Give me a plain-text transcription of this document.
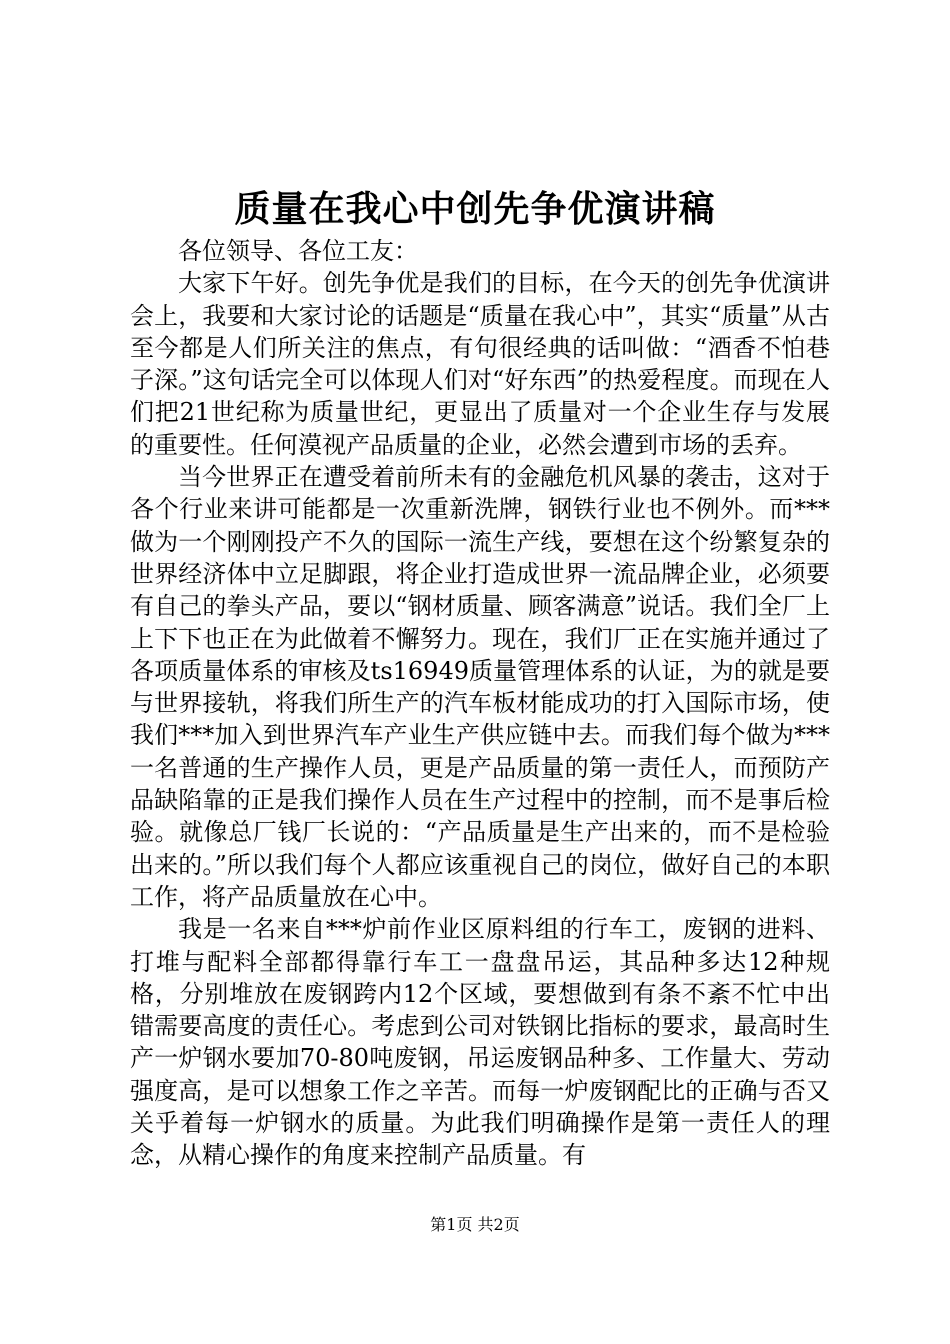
质量在我心中创先争优演讲稿

各位领导、各位工友：

大家下午好。创先争优是我们的目标，在今天的创先争优演讲会上，我要和大家讨论的话题是“质量在我心中”，其实“质量”从古至今都是人们所关注的焦点，有句很经典的话叫做：“酒香不怕巷子深。”这句话完全可以体现人们对“好东西”的热爱程度。而现在人们把21世纪称为质量世纪，更显出了质量对一个企业生存与发展的重要性。任何漠视产品质量的企业，必然会遭到市场的丢弃。

当今世界正在遭受着前所未有的金融危机风暴的袭击，这对于各个行业来讲可能都是一次重新洗牌，钢铁行业也不例外。而***做为一个刚刚投产不久的国际一流生产线，要想在这个纷繁复杂的世界经济体中立足脚跟，将企业打造成世界一流品牌企业，必须要有自己的拳头产品，要以“钢材质量、顾客满意”说话。我们全厂上上下下也正在为此做着不懈努力。现在，我们厂正在实施并通过了各项质量体系的审核及ts16949质量管理体系的认证，为的就是要与世界接轨，将我们所生产的汽车板材能成功的打入国际市场，使我们***加入到世界汽车产业生产供应链中去。而我们每个做为***一名普通的生产操作人员，更是产品质量的第一责任人，而预防产品缺陷靠的正是我们操作人员在生产过程中的控制，而不是事后检验。就像总厂钱厂长说的：“产品质量是生产出来的，而不是检验出来的。”所以我们每个人都应该重视自己的岗位，做好自己的本职工作，将产品质量放在心中。

我是一名来自***炉前作业区原料组的行车工，废钢的进料、打堆与配料全部都得靠行车工一盘盘吊运，其品种多达12种规格，分别堆放在废钢跨内12个区域，要想做到有条不紊不忙中出错需要高度的责任心。考虑到公司对铁钢比指标的要求，最高时生产一炉钢水要加70-80吨废钢，吊运废钢品种多、工作量大、劳动强度高，是可以想象工作之辛苦。而每一炉废钢配比的正确与否又关乎着每一炉钢水的质量。为此我们明确操作是第一责任人的理念，从精心操作的角度来控制产品质量。有

第1页 共2页
